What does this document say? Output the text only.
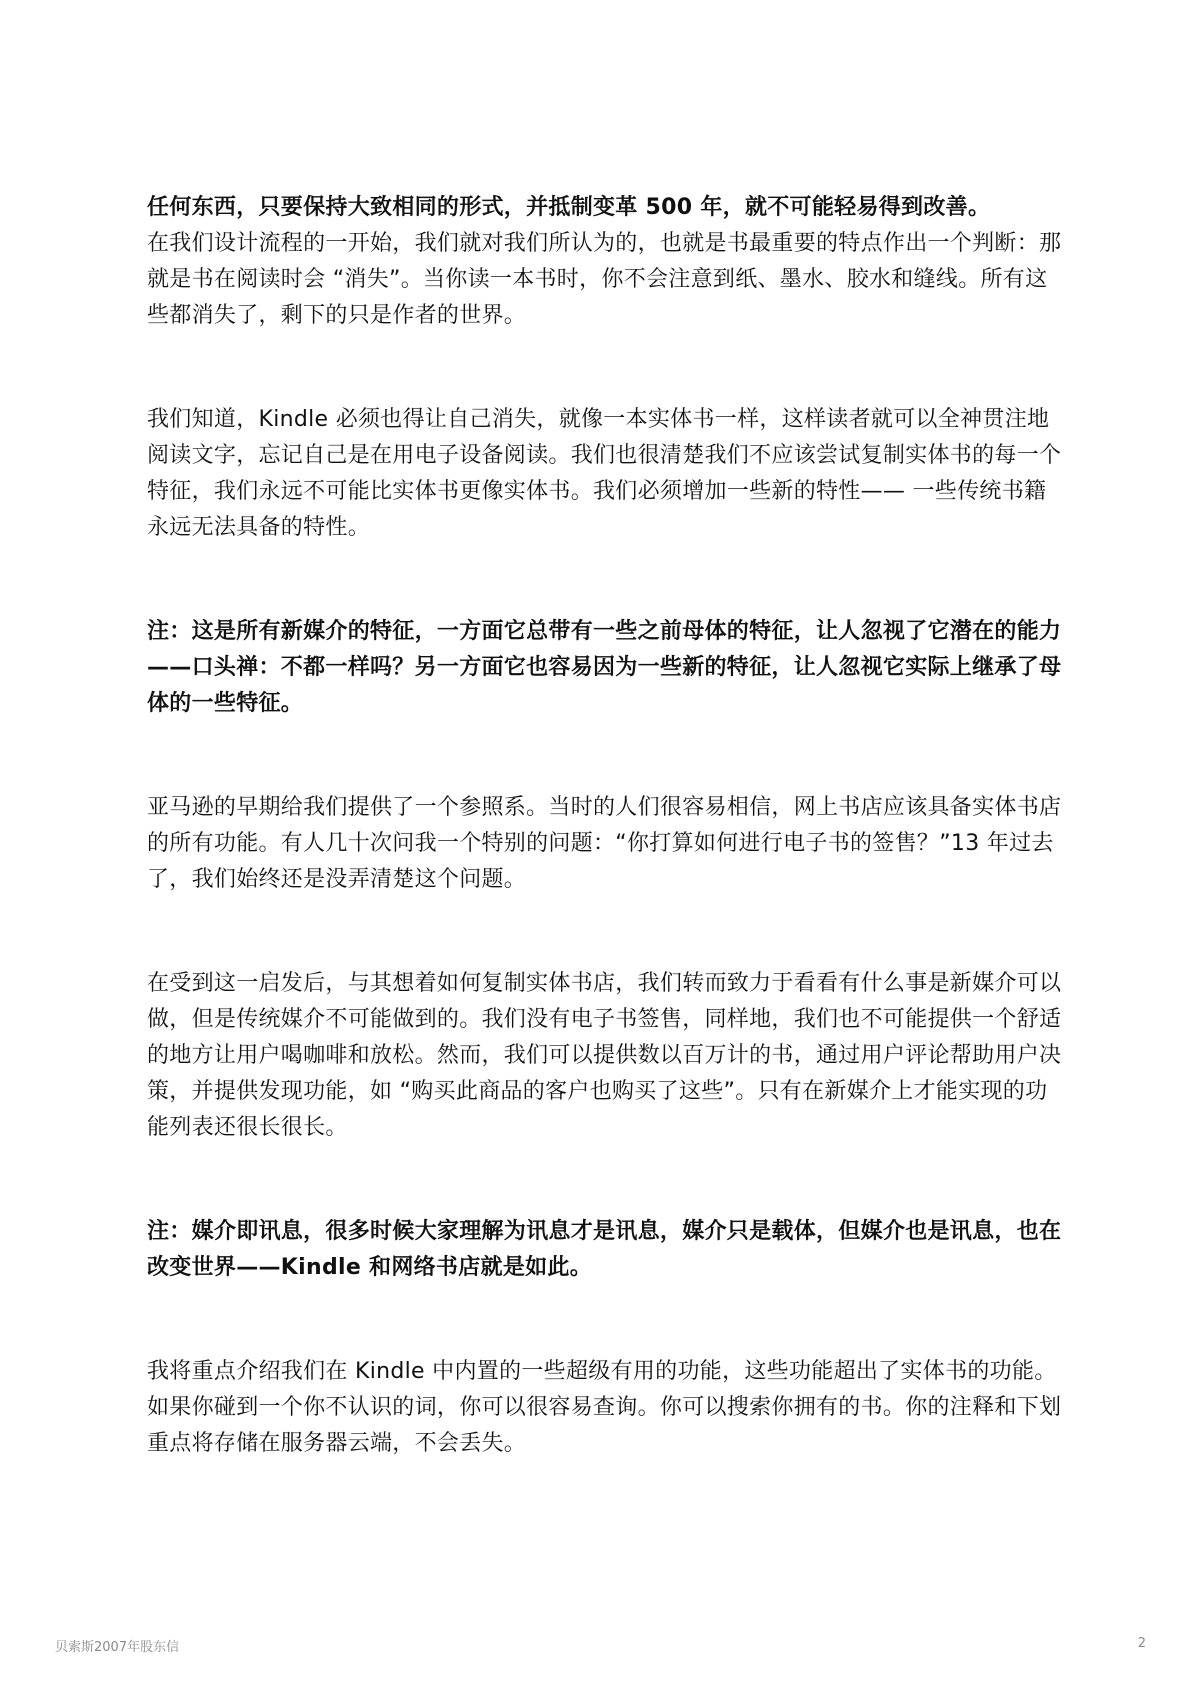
任何东西，只要保持大致相同的形式，并抵制变革 500 年，就不可能轻易得到改善。
在我们设计流程的一开始，我们就对我们所认为的，也就是书最重要的特点作出一个判断：那就是书在阅读时会 “消失”。当你读一本书时，你不会注意到纸、墨水、胶水和缝线。所有这些都消失了，剩下的只是作者的世界。

我们知道，Kindle 必须也得让自己消失，就像一本实体书一样，这样读者就可以全神贯注地阅读文字，忘记自己是在用电子设备阅读。我们也很清楚我们不应该尝试复制实体书的每一个特征，我们永远不可能比实体书更像实体书。我们必须增加一些新的特性—— 一些传统书籍永远无法具备的特性。

注：这是所有新媒介的特征，一方面它总带有一些之前母体的特征，让人忽视了它潜在的能力——口头禅：不都一样吗？另一方面它也容易因为一些新的特征，让人忽视它实际上继承了母体的一些特征。

亚马逊的早期给我们提供了一个参照系。当时的人们很容易相信，网上书店应该具备实体书店的所有功能。有人几十次问我一个特别的问题：“你打算如何进行电子书的签售？”13 年过去了，我们始终还是没弄清楚这个问题。

在受到这一启发后，与其想着如何复制实体书店，我们转而致力于看看有什么事是新媒介可以做，但是传统媒介不可能做到的。我们没有电子书签售，同样地，我们也不可能提供一个舒适的地方让用户喝咖啡和放松。然而，我们可以提供数以百万计的书，通过用户评论帮助用户决策，并提供发现功能，如 “购买此商品的客户也购买了这些”。只有在新媒介上才能实现的功能列表还很长很长。

注：媒介即讯息，很多时候大家理解为讯息才是讯息，媒介只是载体，但媒介也是讯息，也在改变世界——Kindle 和网络书店就是如此。

我将重点介绍我们在 Kindle 中内置的一些超级有用的功能，这些功能超出了实体书的功能。如果你碰到一个你不认识的词，你可以很容易查询。你可以搜索你拥有的书。你的注释和下划重点将存储在服务器云端，不会丢失。

贝索斯2007年股东信	2
